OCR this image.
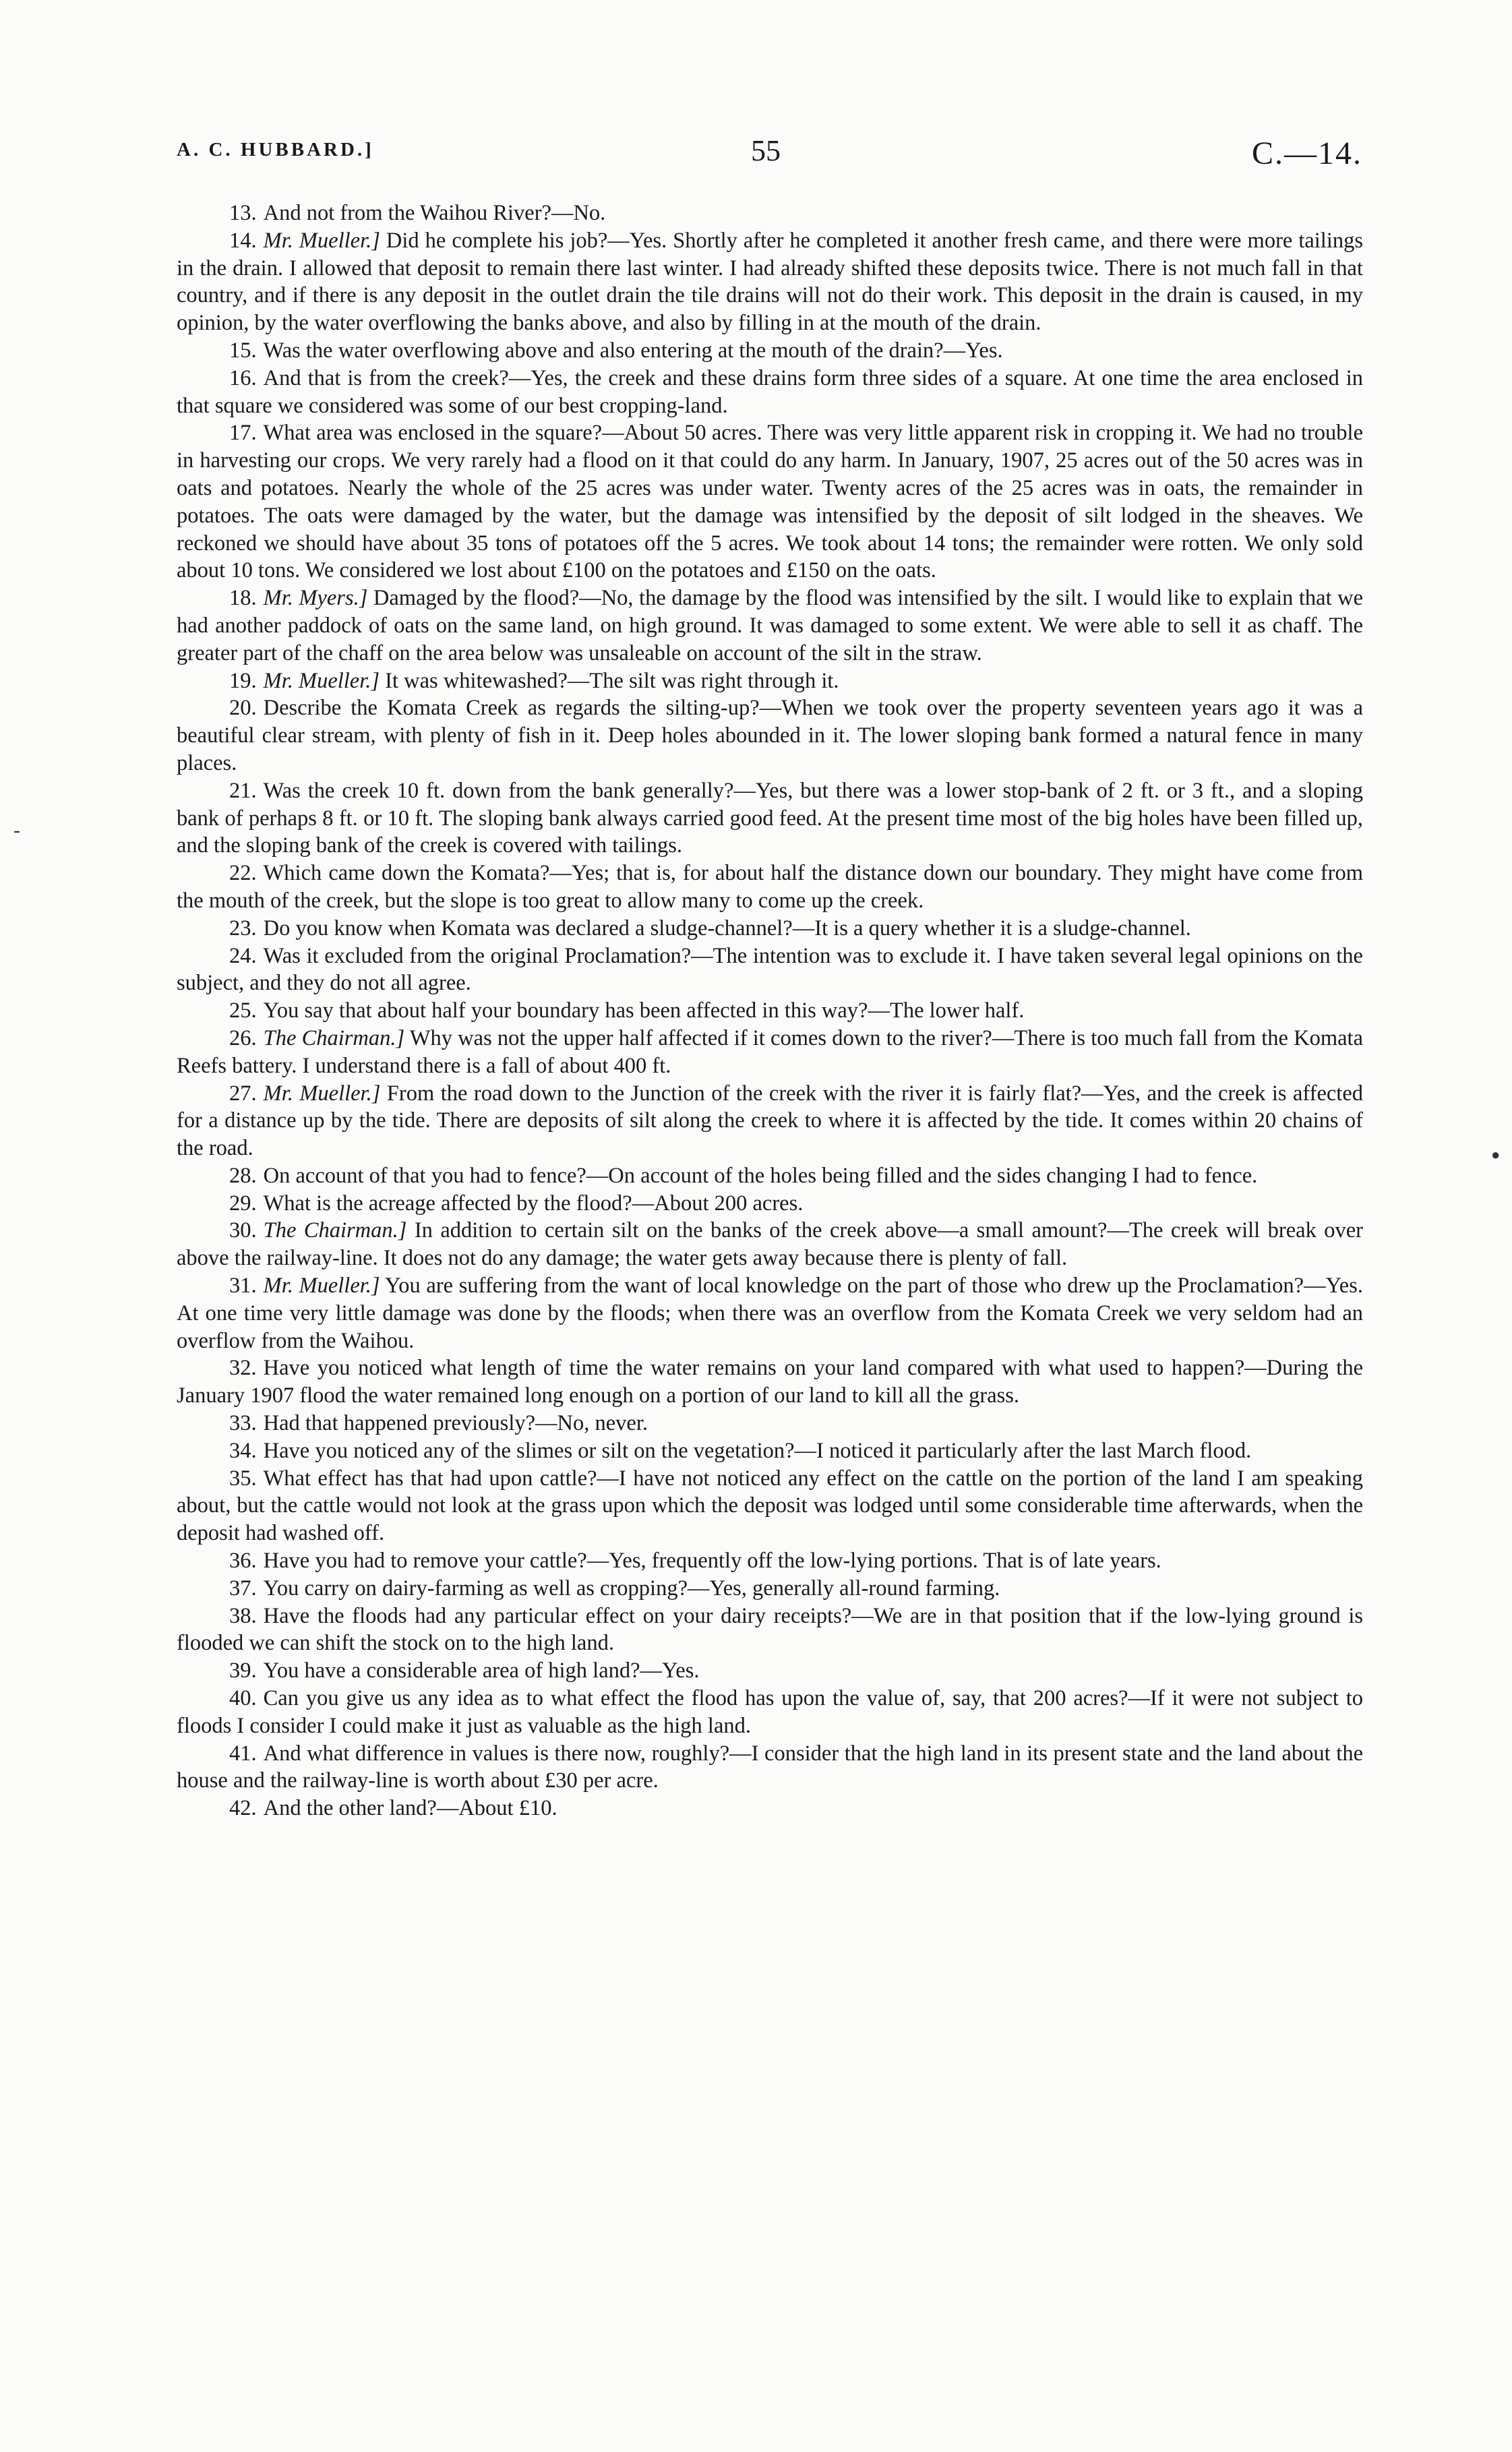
A. C. HUBBARD.]	55	C.—14.

13. And not from the Waihou River?—No.

14. Mr. Mueller.] Did he complete his job?—Yes. Shortly after he completed it another fresh came, and there were more tailings in the drain. I allowed that deposit to remain there last winter. I had already shifted these deposits twice. There is not much fall in that country, and if there is any deposit in the outlet drain the tile drains will not do their work. This deposit in the drain is caused, in my opinion, by the water overflowing the banks above, and also by filling in at the mouth of the drain.

15. Was the water overflowing above and also entering at the mouth of the drain?—Yes.

16. And that is from the creek?—Yes, the creek and these drains form three sides of a square. At one time the area enclosed in that square we considered was some of our best cropping-land.

17. What area was enclosed in the square?—About 50 acres. There was very little apparent risk in cropping it. We had no trouble in harvesting our crops. We very rarely had a flood on it that could do any harm. In January, 1907, 25 acres out of the 50 acres was in oats and potatoes. Nearly the whole of the 25 acres was under water. Twenty acres of the 25 acres was in oats, the remainder in potatoes. The oats were damaged by the water, but the damage was intensified by the deposit of silt lodged in the sheaves. We reckoned we should have about 35 tons of potatoes off the 5 acres. We took about 14 tons; the remainder were rotten. We only sold about 10 tons. We considered we lost about £100 on the potatoes and £150 on the oats.

18. Mr. Myers.] Damaged by the flood?—No, the damage by the flood was intensified by the silt. I would like to explain that we had another paddock of oats on the same land, on high ground. It was damaged to some extent. We were able to sell it as chaff. The greater part of the chaff on the area below was unsaleable on account of the silt in the straw.

19. Mr. Mueller.] It was whitewashed?—The silt was right through it.

20. Describe the Komata Creek as regards the silting-up?—When we took over the property seventeen years ago it was a beautiful clear stream, with plenty of fish in it. Deep holes abounded in it. The lower sloping bank formed a natural fence in many places.

21. Was the creek 10 ft. down from the bank generally?—Yes, but there was a lower stop-bank of 2 ft. or 3 ft., and a sloping bank of perhaps 8 ft. or 10 ft. The sloping bank always carried good feed. At the present time most of the big holes have been filled up, and the sloping bank of the creek is covered with tailings.

22. Which came down the Komata?—Yes; that is, for about half the distance down our boundary. They might have come from the mouth of the creek, but the slope is too great to allow many to come up the creek.

23. Do you know when Komata was declared a sludge-channel?—It is a query whether it is a sludge-channel.

24. Was it excluded from the original Proclamation?—The intention was to exclude it. I have taken several legal opinions on the subject, and they do not all agree.

25. You say that about half your boundary has been affected in this way?—The lower half.

26. The Chairman.] Why was not the upper half affected if it comes down to the river?—There is too much fall from the Komata Reefs battery. I understand there is a fall of about 400 ft.

27. Mr. Mueller.] From the road down to the Junction of the creek with the river it is fairly flat?—Yes, and the creek is affected for a distance up by the tide. There are deposits of silt along the creek to where it is affected by the tide. It comes within 20 chains of the road.

28. On account of that you had to fence?—On account of the holes being filled and the sides changing I had to fence.

29. What is the acreage affected by the flood?—About 200 acres.

30. The Chairman.] In addition to certain silt on the banks of the creek above—a small amount?—The creek will break over above the railway-line. It does not do any damage; the water gets away because there is plenty of fall.

31. Mr. Mueller.] You are suffering from the want of local knowledge on the part of those who drew up the Proclamation?—Yes. At one time very little damage was done by the floods; when there was an overflow from the Komata Creek we very seldom had an overflow from the Waihou.

32. Have you noticed what length of time the water remains on your land compared with what used to happen?—During the January 1907 flood the water remained long enough on a portion of our land to kill all the grass.

33. Had that happened previously?—No, never.

34. Have you noticed any of the slimes or silt on the vegetation?—I noticed it particularly after the last March flood.

35. What effect has that had upon cattle?—I have not noticed any effect on the cattle on the portion of the land I am speaking about, but the cattle would not look at the grass upon which the deposit was lodged until some considerable time afterwards, when the deposit had washed off.

36. Have you had to remove your cattle?—Yes, frequently off the low-lying portions. That is of late years.

37. You carry on dairy-farming as well as cropping?—Yes, generally all-round farming.

38. Have the floods had any particular effect on your dairy receipts?—We are in that position that if the low-lying ground is flooded we can shift the stock on to the high land.

39. You have a considerable area of high land?—Yes.

40. Can you give us any idea as to what effect the flood has upon the value of, say, that 200 acres?—If it were not subject to floods I consider I could make it just as valuable as the high land.

41. And what difference in values is there now, roughly?—I consider that the high land in its present state and the land about the house and the railway-line is worth about £30 per acre.

42. And the other land?—About £10.

-
●
